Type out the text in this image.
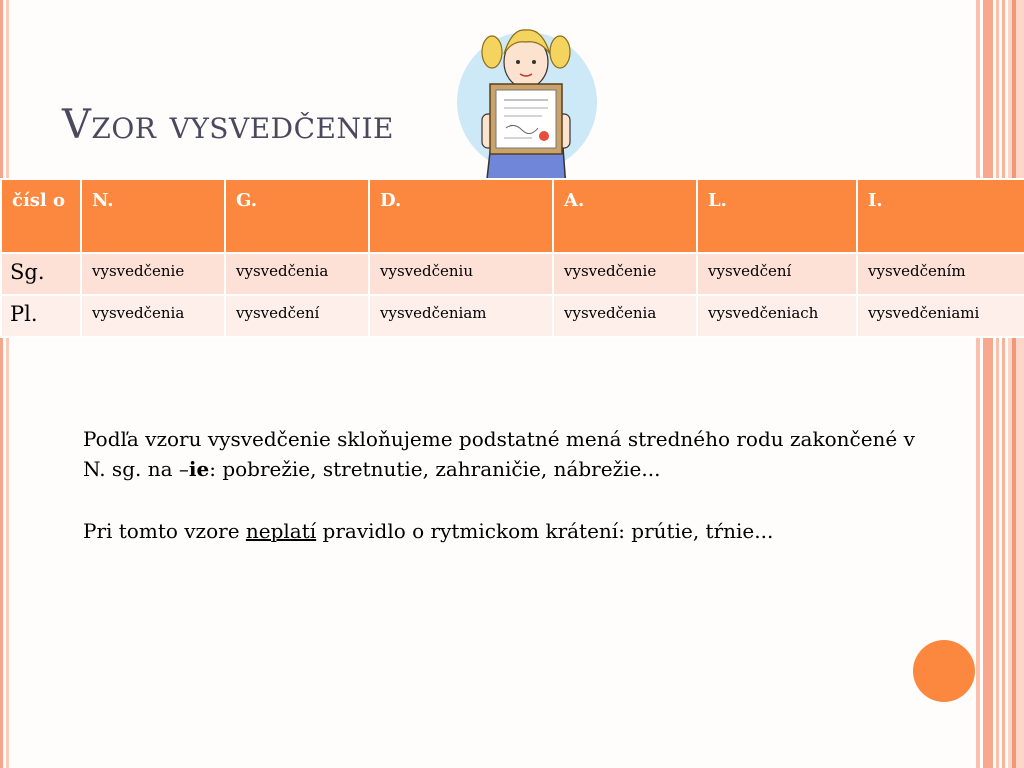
Vzor vysvedčenie
čísl o	N.	G.	D.	A.	L.	I.
Sg.	vysvedčenie	vysvedčenia	vysvedčeniu	vysvedčenie	vysvedčení	vysvedčením
Pl.	vysvedčenia	vysvedčení	vysvedčeniam	vysvedčenia	vysvedčeniach	vysvedčeniami

Podľa vzoru vysvedčenie skloňujeme podstatné mená stredného rodu zakončené v N. sg. na –ie: pobrežie, stretnutie, zahraničie, nábrežie...

Pri tomto vzore neplatí pravidlo o rytmickom krátení: prútie, tŕnie...
